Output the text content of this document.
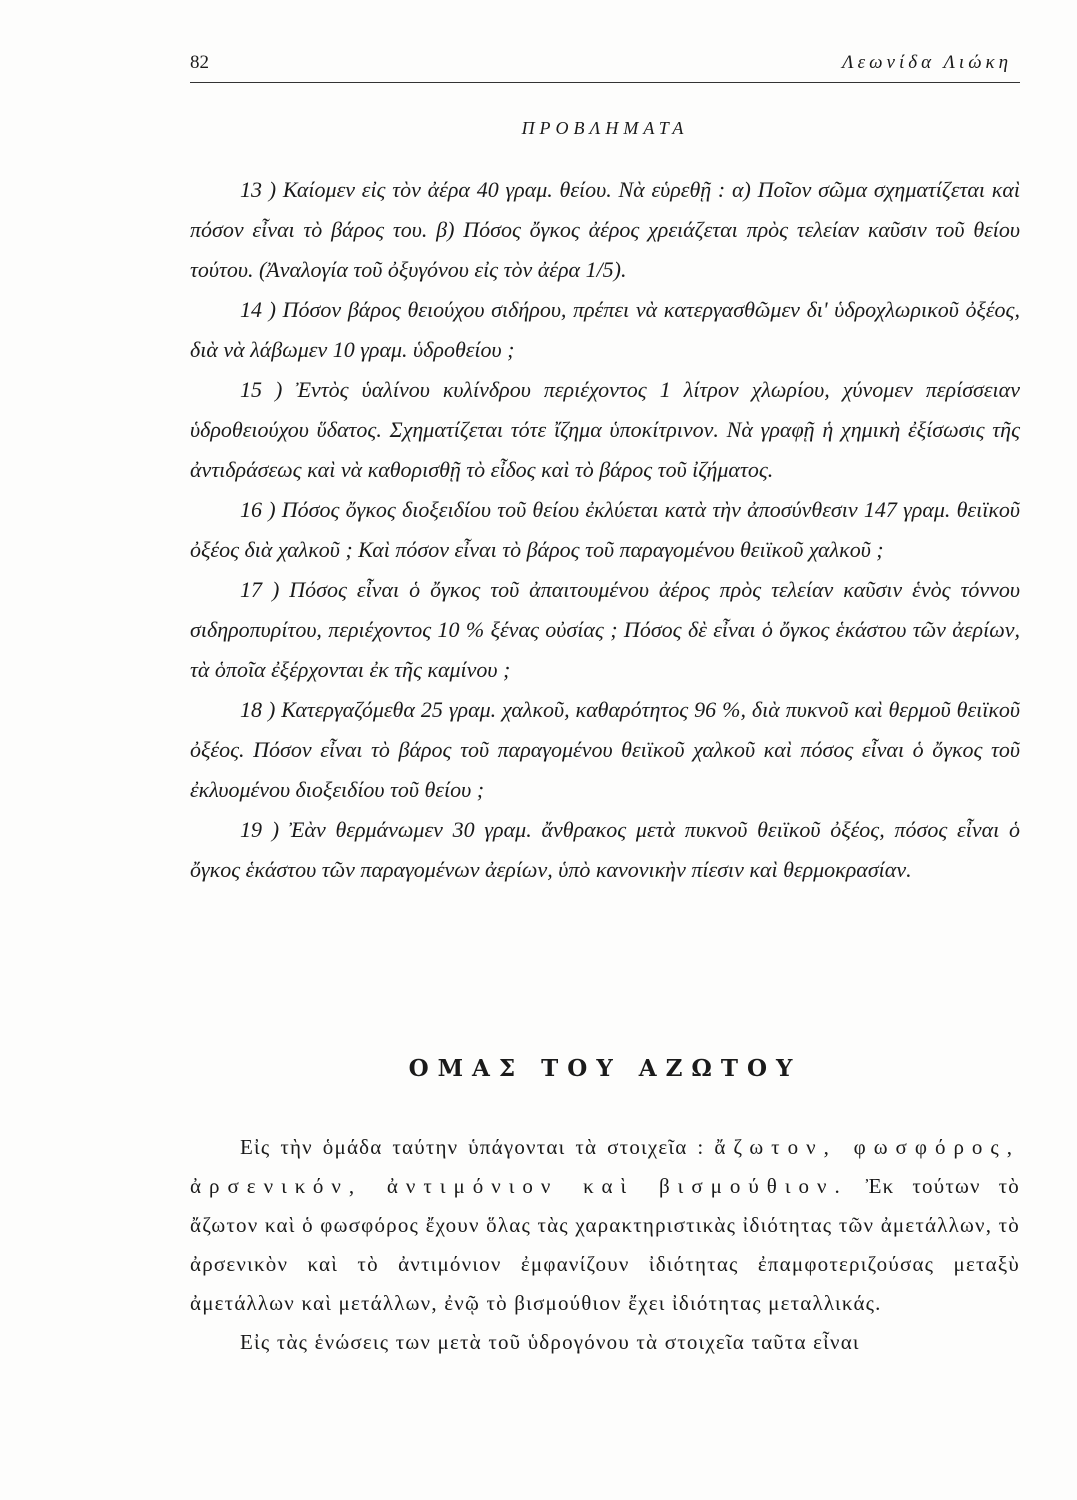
82	Λεωνίδα Λιώκη
ΠΡΟΒΛΗΜΑΤΑ

13 ) Καίομεν εἰς τὸν ἀέρα 40 γραμ. θείου. Νὰ εὑρεθῇ : α) Ποῖον σῶμα σχηματίζεται καὶ πόσον εἶναι τὸ βάρος του. β) Πόσος ὄγκος ἀέρος χρειάζεται πρὸς τελείαν καῦσιν τοῦ θείου τούτου. (Ἀναλογία τοῦ ὀξυγόνου εἰς τὸν ἀέρα 1/5).

14 ) Πόσον βάρος θειούχου σιδήρου, πρέπει νὰ κατεργασθῶμεν δι' ὑδροχλωρικοῦ ὀξέος, διὰ νὰ λάβωμεν 10 γραμ. ὑδροθείου ;

15 ) Ἐντὸς ὑαλίνου κυλίνδρου περιέχοντος 1 λίτρον χλωρίου, χύνομεν περίσσειαν ὑδροθειούχου ὕδατος. Σχηματίζεται τότε ἴζημα ὑποκίτρινον. Νὰ γραφῇ ἡ χημικὴ ἐξίσωσις τῆς ἀντιδράσεως καὶ νὰ καθορισθῇ τὸ εἶδος καὶ τὸ βάρος τοῦ ἰζήματος.

16 ) Πόσος ὄγκος διοξειδίου τοῦ θείου ἐκλύεται κατὰ τὴν ἀποσύνθεσιν 147 γραμ. θειϊκοῦ ὀξέος διὰ χαλκοῦ ; Καὶ πόσον εἶναι τὸ βάρος τοῦ παραγομένου θειϊκοῦ χαλκοῦ ;

17 ) Πόσος εἶναι ὁ ὄγκος τοῦ ἀπαιτουμένου ἀέρος πρὸς τελείαν καῦσιν ἑνὸς τόννου σιδηροπυρίτου, περιέχοντος 10 % ξένας οὐσίας ; Πόσος δὲ εἶναι ὁ ὄγκος ἑκάστου τῶν ἀερίων, τὰ ὁποῖα ἐξέρχονται ἐκ τῆς καμίνου ;

18 ) Κατεργαζόμεθα 25 γραμ. χαλκοῦ, καθαρότητος 96 %, διὰ πυκνοῦ καὶ θερμοῦ θειϊκοῦ ὀξέος. Πόσον εἶναι τὸ βάρος τοῦ παραγομένου θειϊκοῦ χαλκοῦ καὶ πόσος εἶναι ὁ ὄγκος τοῦ ἐκλυομένου διοξειδίου τοῦ θείου ;

19 ) Ἐὰν θερμάνωμεν 30 γραμ. ἄνθρακος μετὰ πυκνοῦ θειϊκοῦ ὀξέος, πόσος εἶναι ὁ ὄγκος ἑκάστου τῶν παραγομένων ἀερίων, ὑπὸ κανονικὴν πίεσιν καὶ θερμοκρασίαν.

ΟΜΑΣ ΤΟΥ ΑΖΩΤΟΥ

Εἰς τὴν ὁμάδα ταύτην ὑπάγονται τὰ στοιχεῖα : ἄζωτον, φωσφόρος, ἀρσενικόν, ἀντιμόνιον καὶ βισμούθιον. Ἐκ τούτων τὸ ἄζωτον καὶ ὁ φωσφόρος ἔχουν ὅλας τὰς χαρακτηριστικὰς ἰδιότητας τῶν ἀμετάλλων, τὸ ἀρσενικὸν καὶ τὸ ἀντιμόνιον ἐμφανίζουν ἰδιότητας ἐπαμφοτεριζούσας μεταξὺ ἀμετάλλων καὶ μετάλλων, ἐνῷ τὸ βισμούθιον ἔχει ἰδιότητας μεταλλικάς.

Εἰς τὰς ἑνώσεις των μετὰ τοῦ ὑδρογόνου τὰ στοιχεῖα ταῦτα εἶναι
